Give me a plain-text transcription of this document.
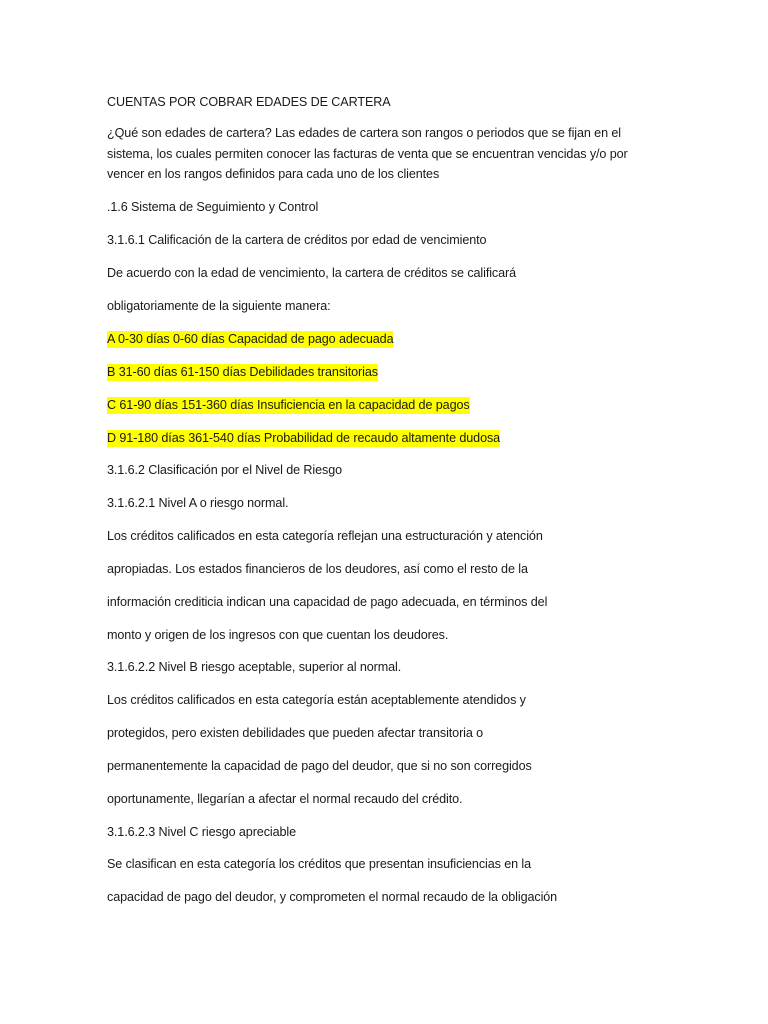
CUENTAS POR COBRAR EDADES DE CARTERA
¿Qué son edades de cartera? Las edades de cartera son rangos o periodos que se fijan en el
sistema, los cuales permiten conocer las facturas de venta que se encuentran vencidas y/o por
vencer en los rangos definidos para cada uno de los clientes
.1.6 Sistema de Seguimiento y Control
3.1.6.1 Calificación de la cartera de créditos por edad de vencimiento
De acuerdo con la edad de vencimiento, la cartera de créditos se calificará
obligatoriamente de la siguiente manera:
A 0-30 días 0-60 días Capacidad de pago adecuada
B 31-60 días 61-150 días Debilidades transitorias
C 61-90 días 151-360 días Insuficiencia en la capacidad de pagos
D 91-180 días 361-540 días Probabilidad de recaudo altamente dudosa
3.1.6.2 Clasificación por el Nivel de Riesgo
3.1.6.2.1 Nivel A o riesgo normal.
Los créditos calificados en esta categoría reflejan una estructuración y atención
apropiadas. Los estados financieros de los deudores, así como el resto de la
información crediticia indican una capacidad de pago adecuada, en términos del
monto y origen de los ingresos con que cuentan los deudores.
3.1.6.2.2 Nivel B riesgo aceptable, superior al normal.
Los créditos calificados en esta categoría están aceptablemente atendidos y
protegidos, pero existen debilidades que pueden afectar transitoria o
permanentemente la capacidad de pago del deudor, que si no son corregidos
oportunamente, llegarían a afectar el normal recaudo del crédito.
3.1.6.2.3 Nivel C riesgo apreciable
Se clasifican en esta categoría los créditos que presentan insuficiencias en la
capacidad de pago del deudor, y comprometen el normal recaudo de la obligación
